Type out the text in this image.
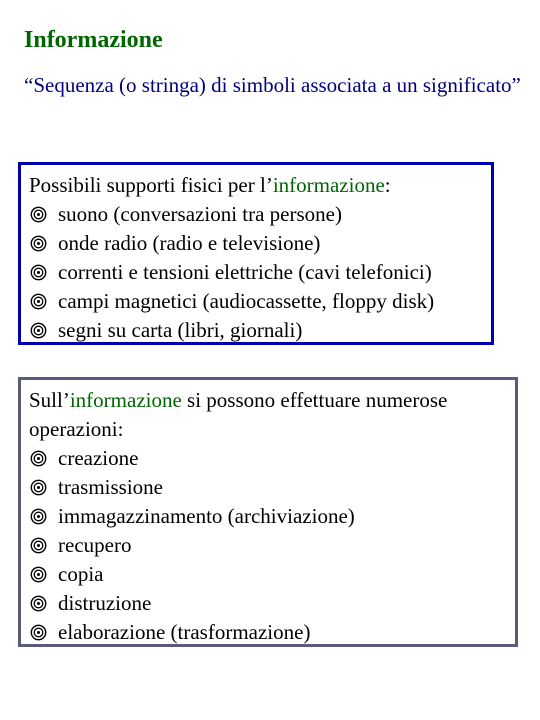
Informazione
“Sequenza (o stringa) di simboli associata a un significato”
Possibili supporti fisici per l’informazione:
suono (conversazioni tra persone)
onde radio (radio e televisione)
correnti e tensioni elettriche (cavi telefonici)
campi magnetici (audiocassette, floppy disk)
segni su carta (libri, giornali)
Sull’informazione si possono effettuare numerose operazioni:
creazione
trasmissione
immagazzinamento (archiviazione)
recupero
copia
distruzione
elaborazione (trasformazione)
